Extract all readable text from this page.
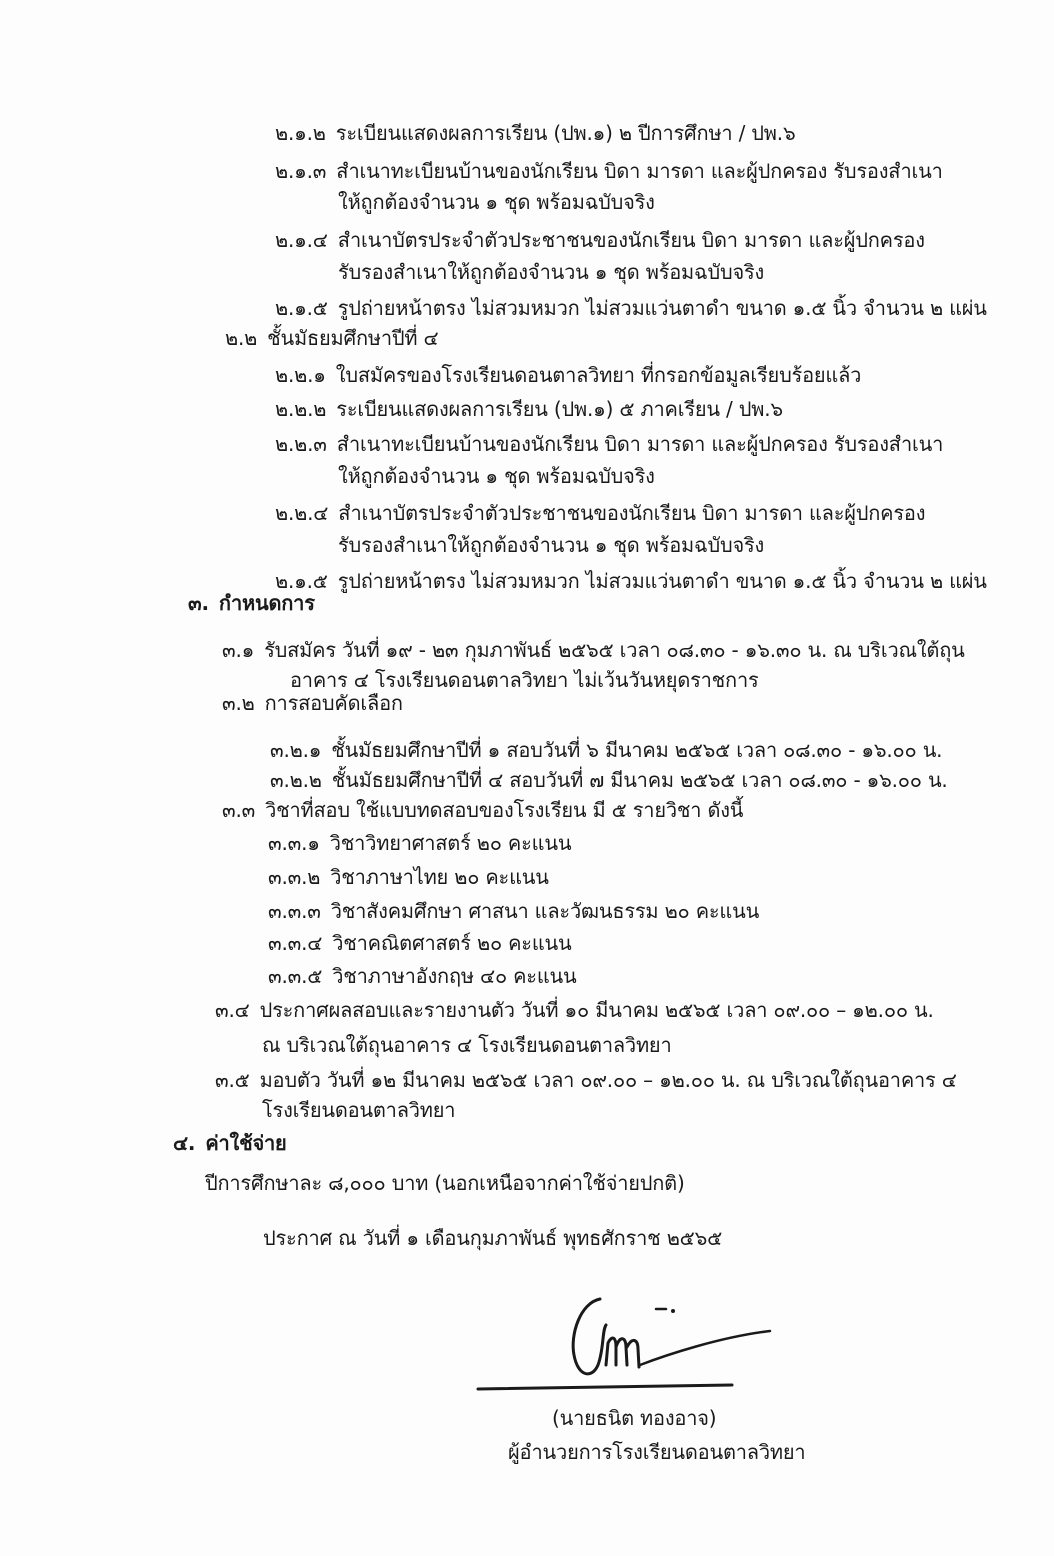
๒.๑.๒ ระเบียนแสดงผลการเรียน (ปพ.๑) ๒ ปีการศึกษา / ปพ.๖
๒.๑.๓ สำเนาทะเบียนบ้านของนักเรียน บิดา มารดา และผู้ปกครอง รับรองสำเนา
ให้ถูกต้องจำนวน ๑ ชุด พร้อมฉบับจริง
๒.๑.๔ สำเนาบัตรประจำตัวประชาชนของนักเรียน บิดา มารดา และผู้ปกครอง
รับรองสำเนาให้ถูกต้องจำนวน ๑ ชุด พร้อมฉบับจริง
๒.๑.๕ รูปถ่ายหน้าตรง ไม่สวมหมวก ไม่สวมแว่นตาดำ ขนาด ๑.๕ นิ้ว จำนวน ๒ แผ่น
๒.๒ ชั้นมัธยมศึกษาปีที่ ๔
๒.๒.๑ ใบสมัครของโรงเรียนดอนตาลวิทยา ที่กรอกข้อมูลเรียบร้อยแล้ว
๒.๒.๒ ระเบียนแสดงผลการเรียน (ปพ.๑) ๕ ภาคเรียน / ปพ.๖
๒.๒.๓ สำเนาทะเบียนบ้านของนักเรียน บิดา มารดา และผู้ปกครอง รับรองสำเนา
ให้ถูกต้องจำนวน ๑ ชุด พร้อมฉบับจริง
๒.๒.๔ สำเนาบัตรประจำตัวประชาชนของนักเรียน บิดา มารดา และผู้ปกครอง
รับรองสำเนาให้ถูกต้องจำนวน ๑ ชุด พร้อมฉบับจริง
๒.๑.๕ รูปถ่ายหน้าตรง ไม่สวมหมวก ไม่สวมแว่นตาดำ ขนาด ๑.๕ นิ้ว จำนวน ๒ แผ่น
๓. กำหนดการ
๓.๑ รับสมัคร วันที่ ๑๙ - ๒๓ กุมภาพันธ์ ๒๕๖๕ เวลา ๐๘.๓๐ - ๑๖.๓๐ น. ณ บริเวณใต้ถุน
อาคาร ๔ โรงเรียนดอนตาลวิทยา ไม่เว้นวันหยุดราชการ
๓.๒ การสอบคัดเลือก
๓.๒.๑ ชั้นมัธยมศึกษาปีที่ ๑ สอบวันที่ ๖ มีนาคม ๒๕๖๕ เวลา ๐๘.๓๐ - ๑๖.๐๐ น.
๓.๒.๒ ชั้นมัธยมศึกษาปีที่ ๔ สอบวันที่ ๗ มีนาคม ๒๕๖๕ เวลา ๐๘.๓๐ - ๑๖.๐๐ น.
๓.๓ วิชาที่สอบ ใช้แบบทดสอบของโรงเรียน มี ๕ รายวิชา ดังนี้
๓.๓.๑ วิชาวิทยาศาสตร์ ๒๐ คะแนน
๓.๓.๒ วิชาภาษาไทย ๒๐ คะแนน
๓.๓.๓ วิชาสังคมศึกษา ศาสนา และวัฒนธรรม ๒๐ คะแนน
๓.๓.๔ วิชาคณิตศาสตร์ ๒๐ คะแนน
๓.๓.๕ วิชาภาษาอังกฤษ ๔๐ คะแนน
๓.๔ ประกาศผลสอบและรายงานตัว วันที่ ๑๐ มีนาคม ๒๕๖๕ เวลา ๐๙.๐๐ – ๑๒.๐๐ น.
ณ บริเวณใต้ถุนอาคาร ๔ โรงเรียนดอนตาลวิทยา
๓.๕ มอบตัว วันที่ ๑๒ มีนาคม ๒๕๖๕ เวลา ๐๙.๐๐ – ๑๒.๐๐ น. ณ บริเวณใต้ถุนอาคาร ๔
โรงเรียนดอนตาลวิทยา
๔. ค่าใช้จ่าย
ปีการศึกษาละ ๘,๐๐๐ บาท (นอกเหนือจากค่าใช้จ่ายปกติ)
ประกาศ ณ วันที่ ๑ เดือนกุมภาพันธ์ พุทธศักราช ๒๕๖๕
(นายธนิต ทองอาจ)
ผู้อำนวยการโรงเรียนดอนตาลวิทยา
